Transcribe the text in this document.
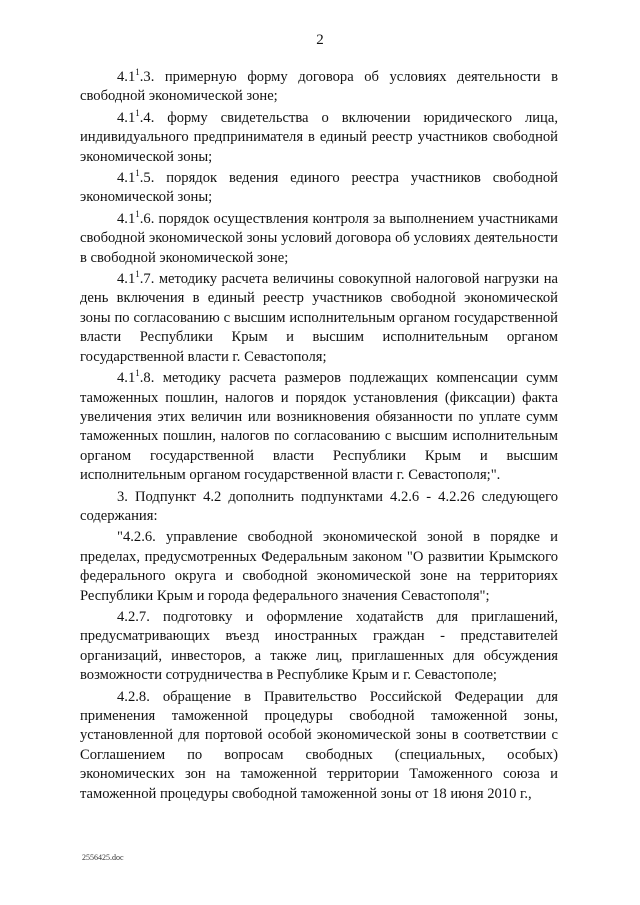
2

$4.1^1.3$. примерную форму договора об условиях деятельности в свободной экономической зоне;

$4.1^1.4$. форму свидетельства о включении юридического лица, индивидуального предпринимателя в единый реестр участников свободной экономической зоны;

$4.1^1.5$. порядок ведения единого реестра участников свободной экономической зоны;

$4.1^1.6$. порядок осуществления контроля за выполнением участниками свободной экономической зоны условий договора об условиях деятельности в свободной экономической зоне;

$4.1^1.7$. методику расчета величины совокупной налоговой нагрузки на день включения в единый реестр участников свободной экономической зоны по согласованию с высшим исполнительным органом государственной власти Республики Крым и высшим исполнительным органом государственной власти г. Севастополя;

$4.1^1.8$. методику расчета размеров подлежащих компенсации сумм таможенных пошлин, налогов и порядок установления (фиксации) факта увеличения этих величин или возникновения обязанности по уплате сумм таможенных пошлин, налогов по согласованию с высшим исполнительным органом государственной власти Республики Крым и высшим исполнительным органом государственной власти г. Севастополя;".

3. Подпункт 4.2 дополнить подпунктами 4.2.6 - 4.2.26 следующего содержания:

"4.2.6. управление свободной экономической зоной в порядке и пределах, предусмотренных Федеральным законом "О развитии Крымского федерального округа и свободной экономической зоне на территориях Республики Крым и города федерального значения Севастополя";

4.2.7. подготовку и оформление ходатайств для приглашений, предусматривающих въезд иностранных граждан - представителей организаций, инвесторов, а также лиц, приглашенных для обсуждения возможности сотрудничества в Республике Крым и г. Севастополе;

4.2.8. обращение в Правительство Российской Федерации для применения таможенной процедуры свободной таможенной зоны, установленной для портовой особой экономической зоны в соответствии с Соглашением по вопросам свободных (специальных, особых) экономических зон на таможенной территории Таможенного союза и таможенной процедуры свободной таможенной зоны от 18 июня 2010 г.,

2556425.doc
